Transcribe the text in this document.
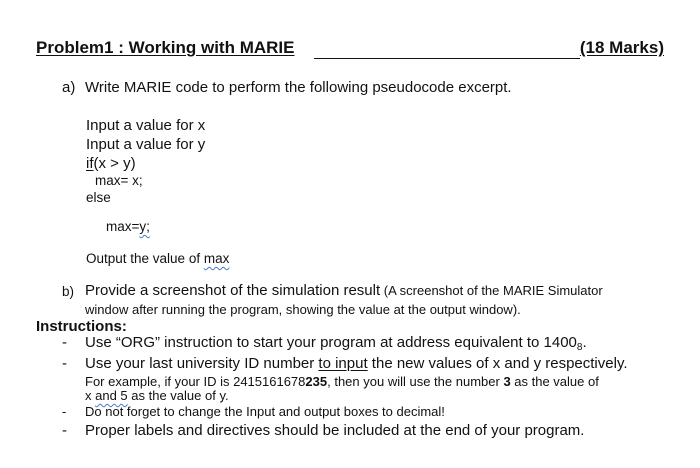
Problem1 : Working with MARIE	(18 Marks)
a) Write MARIE code to perform the following pseudocode excerpt.
Input a value for x
Input a value for y
if(x > y)
max= x;
else
max=y;
Output the value of max
b) Provide a screenshot of the simulation result (A screenshot of the MARIE Simulator
window after running the program, showing the value at the output window).
Instructions:
- Use “ORG” instruction to start your program at address equivalent to $1400_8$.
- Use your last university ID number to input the new values of x and y respectively.
For example, if your ID is 2415161678235, then you will use the number 3 as the value of
x and 5 as the value of y.
- Do not forget to change the Input and output boxes to decimal!
- Proper labels and directives should be included at the end of your program.
